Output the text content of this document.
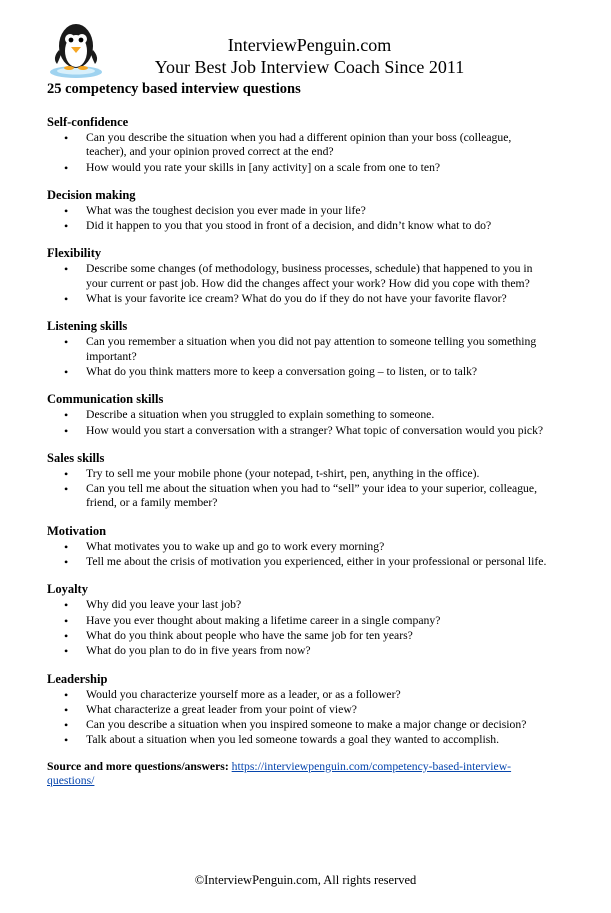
InterviewPenguin.com
Your Best Job Interview Coach Since 2011
25 competency based interview questions
Self-confidence
• Can you describe the situation when you had a different opinion than your boss (colleague, teacher), and your opinion proved correct at the end?
• How would you rate your skills in [any activity] on a scale from one to ten?
Decision making
• What was the toughest decision you ever made in your life?
• Did it happen to you that you stood in front of a decision, and didn’t know what to do?
Flexibility
• Describe some changes (of methodology, business processes, schedule) that happened to you in your current or past job. How did the changes affect your work? How did you cope with them?
• What is your favorite ice cream? What do you do if they do not have your favorite flavor?
Listening skills
• Can you remember a situation when you did not pay attention to someone telling you something important?
• What do you think matters more to keep a conversation going – to listen, or to talk?
Communication skills
• Describe a situation when you struggled to explain something to someone.
• How would you start a conversation with a stranger? What topic of conversation would you pick?
Sales skills
• Try to sell me your mobile phone (your notepad, t-shirt, pen, anything in the office).
• Can you tell me about the situation when you had to “sell” your idea to your superior, colleague, friend, or a family member?
Motivation
• What motivates you to wake up and go to work every morning?
• Tell me about the crisis of motivation you experienced, either in your professional or personal life.
Loyalty
• Why did you leave your last job?
• Have you ever thought about making a lifetime career in a single company?
• What do you think about people who have the same job for ten years?
• What do you plan to do in five years from now?
Leadership
• Would you characterize yourself more as a leader, or as a follower?
• What characterize a great leader from your point of view?
• Can you describe a situation when you inspired someone to make a major change or decision?
• Talk about a situation when you led someone towards a goal they wanted to accomplish.
Source and more questions/answers: https://interviewpenguin.com/competency-based-interview-questions/
©InterviewPenguin.com, All rights reserved
